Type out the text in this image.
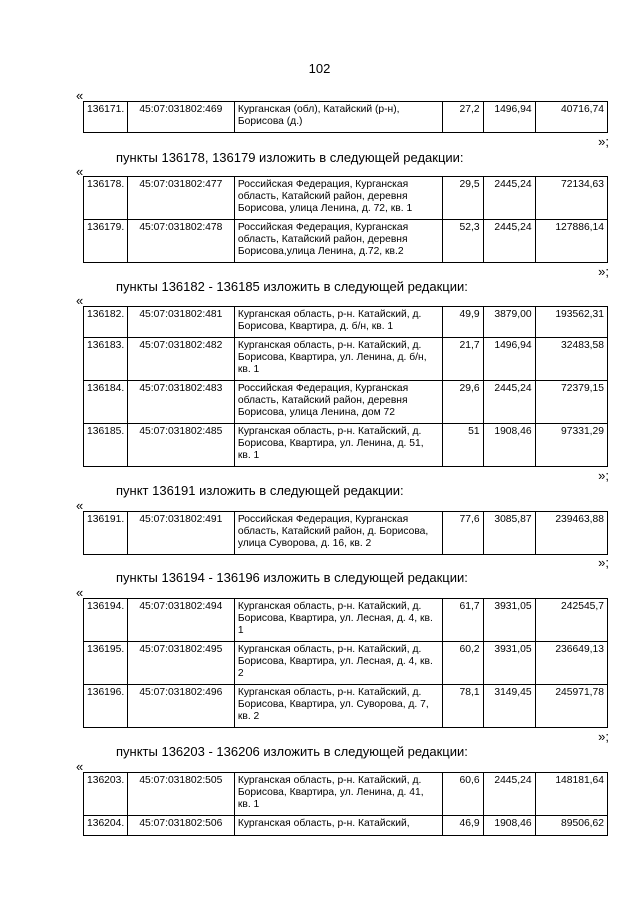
102
«
136171.	45:07:031802:469	Курганская (обл), Катайский (р-н), Борисова (д.)	27,2	1496,94	40716,74
»;
пункты 136178, 136179 изложить в следующей редакции:
«
136178.	45:07:031802:477	Российская Федерация, Курганская область, Катайский район, деревня Борисова, улица Ленина, д. 72, кв. 1	29,5	2445,24	72134,63
136179.	45:07:031802:478	Российская Федерация, Курганская область, Катайский район, деревня Борисова,улица Ленина, д.72, кв.2	52,3	2445,24	127886,14
»;
пункты 136182 - 136185 изложить в следующей редакции:
«
136182.	45:07:031802:481	Курганская область, р-н. Катайский, д. Борисова, Квартира, д. б/н, кв. 1	49,9	3879,00	193562,31
136183.	45:07:031802:482	Курганская область, р-н. Катайский, д. Борисова, Квартира, ул. Ленина, д. б/н, кв. 1	21,7	1496,94	32483,58
136184.	45:07:031802:483	Российская Федерация, Курганская область, Катайский район, деревня Борисова, улица Ленина, дом 72	29,6	2445,24	72379,15
136185.	45:07:031802:485	Курганская область, р-н. Катайский, д. Борисова, Квартира, ул. Ленина, д. 51, кв. 1	51	1908,46	97331,29
»;
пункт 136191 изложить в следующей редакции:
«
136191.	45:07:031802:491	Российская Федерация, Курганская область, Катайский район, д. Борисова, улица Суворова, д. 16, кв. 2	77,6	3085,87	239463,88
»;
пункты 136194 - 136196 изложить в следующей редакции:
«
136194.	45:07:031802:494	Курганская область, р-н. Катайский, д. Борисова, Квартира, ул. Лесная, д. 4, кв. 1	61,7	3931,05	242545,7
136195.	45:07:031802:495	Курганская область, р-н. Катайский, д. Борисова, Квартира, ул. Лесная, д. 4, кв. 2	60,2	3931,05	236649,13
136196.	45:07:031802:496	Курганская область, р-н. Катайский, д. Борисова, Квартира, ул. Суворова, д. 7, кв. 2	78,1	3149,45	245971,78
»;
пункты 136203 - 136206 изложить в следующей редакции:
«
136203.	45:07:031802:505	Курганская область, р-н. Катайский, д. Борисова, Квартира, ул. Ленина, д. 41, кв. 1	60,6	2445,24	148181,64
136204.	45:07:031802:506	Курганская область, р-н. Катайский,	46,9	1908,46	89506,62
